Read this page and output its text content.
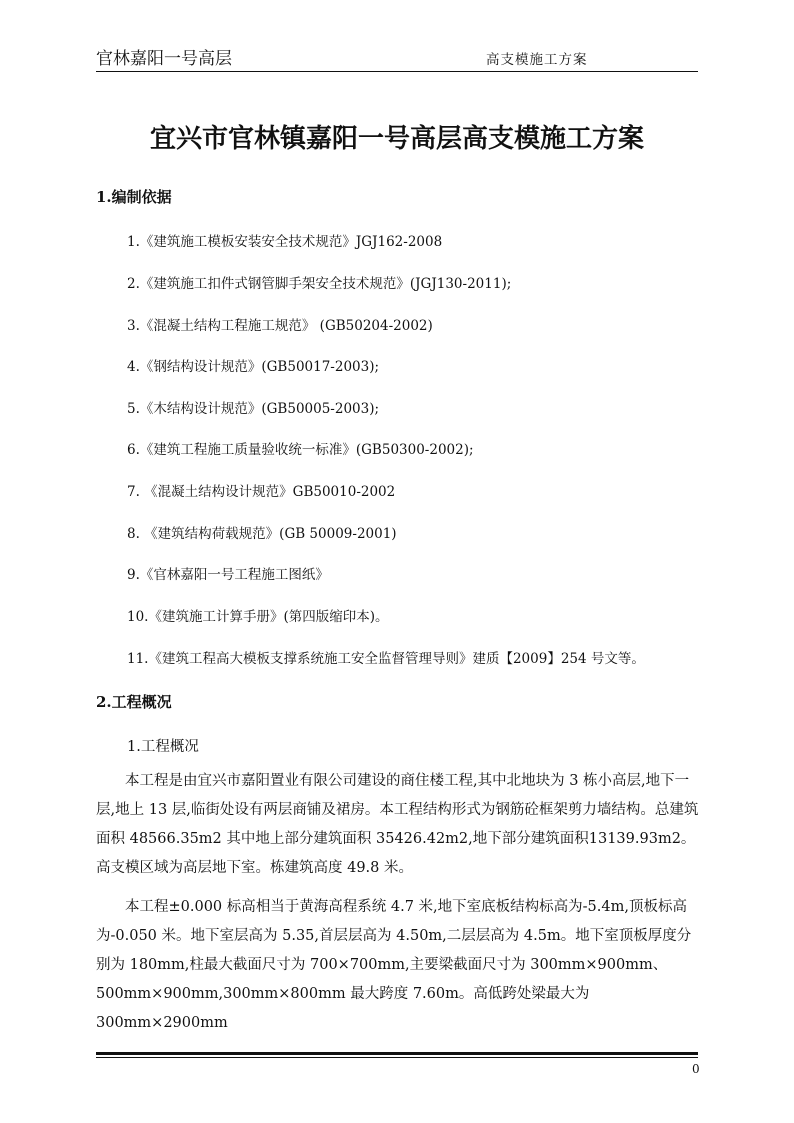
官林嘉阳一号高层	高支模施工方案
宜兴市官林镇嘉阳一号高层高支模施工方案
1.编制依据
1.《建筑施工模板安装安全技术规范》JGJ162-2008
2.《建筑施工扣件式钢管脚手架安全技术规范》(JGJ130-2011);
3.《混凝土结构工程施工规范》 (GB50204-2002)
4.《钢结构设计规范》(GB50017-2003);
5.《木结构设计规范》(GB50005-2003);
6.《建筑工程施工质量验收统一标准》(GB50300-2002);
7. 《混凝土结构设计规范》GB50010-2002
8. 《建筑结构荷载规范》(GB 50009-2001)
9.《官林嘉阳一号工程施工图纸》
10.《建筑施工计算手册》(第四版缩印本)。
11.《建筑工程高大模板支撑系统施工安全监督管理导则》建质【2009】254 号文等。
2.工程概况
1.工程概况
本工程是由宜兴市嘉阳置业有限公司建设的商住楼工程,其中北地块为 3 栋小高层,地下一层,地上 13 层,临街处设有两层商铺及裙房。本工程结构形式为钢筋砼框架剪力墙结构。总建筑面积 48566.35m2 其中地上部分建筑面积 35426.42m2,地下部分建筑面积13139.93m2。高支模区域为高层地下室。栋建筑高度 49.8 米。
本工程±0.000 标高相当于黄海高程系统 4.7 米,地下室底板结构标高为-5.4m,顶板标高为-0.050 米。地下室层高为 5.35,首层层高为 4.50m,二层层高为 4.5m。地下室顶板厚度分别为 180mm,柱最大截面尺寸为 700×700mm,主要梁截面尺寸为 300mm×900mm、500mm×900mm,300mm×800mm 最大跨度 7.60m。高低跨处梁最大为 300mm×2900mm
0
